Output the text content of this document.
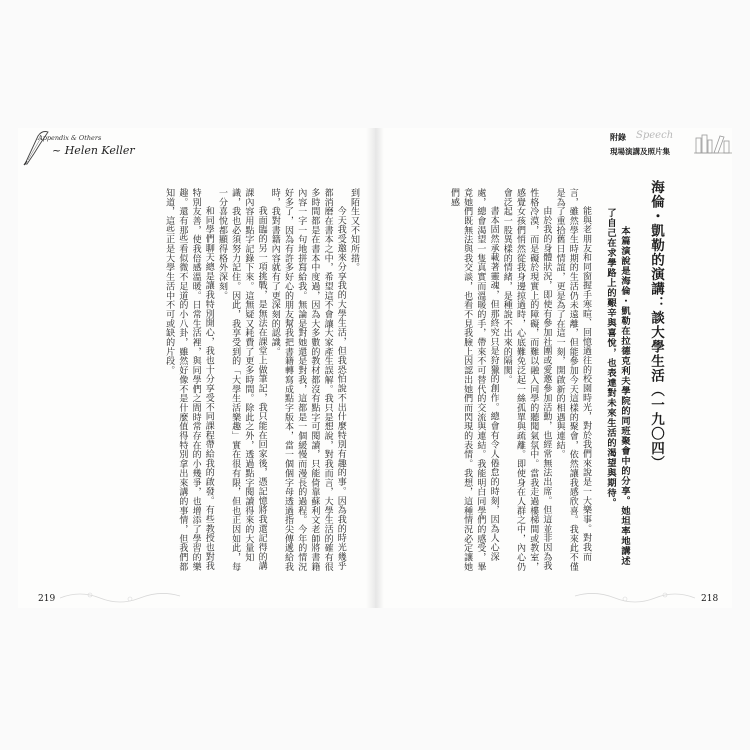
Appendix & Others
~ Helen Keller
附錄 Speech
現場演講及照片集
海倫・凱勒的演講：談大學生活（一九〇四）

本篇演說是海倫・凱勒在拉德克利夫學院的同班聚會中的分享。她坦率地講述了自己在求學路上的艱辛與喜悅，也表達對未來生活的渴望與期待。

能與老朋友和同窗握手寒暄、回憶過往的校園時光，對於我們來說是一大樂事。對我而言，雖然學生時期的生活仍未遠離，但能參加今天這樣的聚會，依然讓我感欣喜。我來此不僅是為了重拾舊日情誼，更是為了在這一刻，開啟新的相遇與連結。

由於我的身體狀況，即使有參加社團或愛邀參加活動，也經常無法出席。但這並非因為我性格冷漠，而是礙於現實上的障礙，而難以融入同學的聽聞氣氛中。當我走過樓梯間或教室，感覺女孩們悄然從我身邊掠過時，心底難免泛起一絲孤單與疏離。即使身在人群之中，內心仍會泛起一股異樣的情緒，是種說不出來的隔閡。

書本固然承載著靈魂，但那終究只是狩獵的創作。總會有令人倦怠的時刻，因為人心深處，總會渴望一隻真實而溫暖的手，帶來不可替代的交流與連結。我能明白同學們的感受，畢竟她們既無法與我交談，也看不見我臉上因認出她們而閃現的表情。我想，這種情況必定讓她們感

到陌生又不知所措。

今天我受邀來分享我的大學生活，但我恐怕說不出什麼特別有趣的事。因為我的時光幾乎都消磨在書本之中，希望這不會讓大家產生誤解。我只是想說，對我而言，大學生活的確有很多時間都是在書本中度過，因為大多數的教材都沒有點字可閱讀，只能倚靠蘇利文老師將書籍內容一字一句地拼寫給我。無論是對她還是對我，這都是一個緩慢而漫長的過程。今年的情況好多了，因為有許多好心的朋友幫我把書籍轉寫成點字版本，當一個個字母透過指尖傳遞給我時，我對書籍內容就有了更深刻的認識。

我面臨的另一項挑戰，是無法在課堂上做筆記，我只能在回家後，憑記憶將我還記得的講課內容用點字記錄下來。這無疑又耗費了更多時間。除此之外，透過點字閱讀得來的大量知識，我也必須努力記住。因此，我享受到的「大學生活樂趣」實在很有限，但也正因如此，每一分喜悅都顯得格外深刻。

和同學們聊天總是讓我特別開心，我也十分享受不同課程帶給我的啟發。有些教授也對我特別友善，使我倍感溫暖。日常生活裡，與同學們之間時常存在的小幾爭，也增添了學習的樂趣。還有那些看似微不足道的小八卦，雖然好像不是什麼值得特別拿出來講的事情，但我們都知道，這些正是大學生活中不可或缺的片段。

219	218
